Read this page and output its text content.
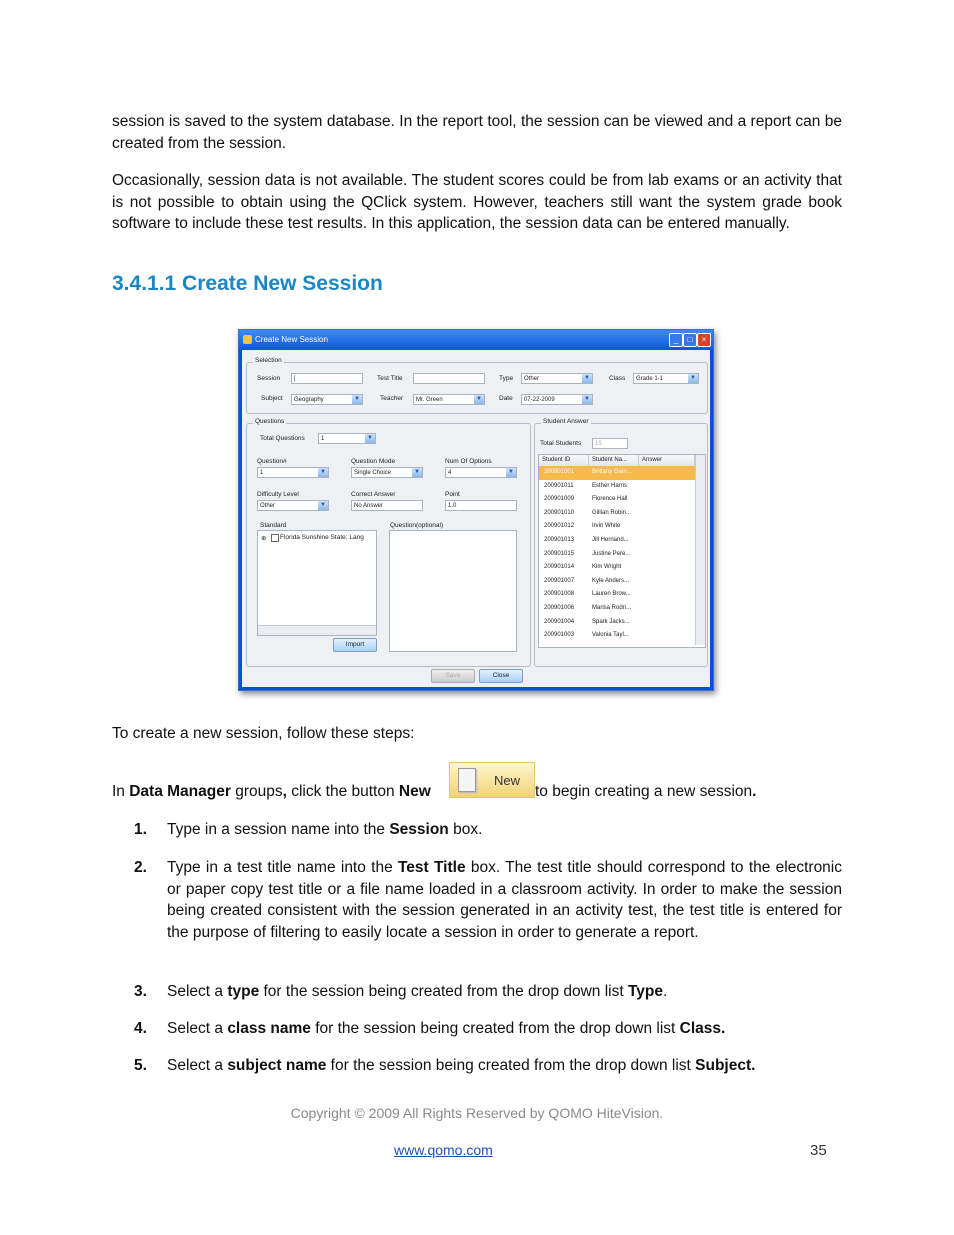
session is saved to the system database. In the report tool, the session can be viewed and a report can be created from the session.
Occasionally, session data is not available. The student scores could be from lab exams or an activity that is not possible to obtain using the QClick system. However, teachers still want the system grade book software to include these test results. In this application, the session data can be entered manually.
3.4.1.1 Create New Session
Create New Session	_	□	×
Selection
Session	|	Test Title	Type	Other	▼	Class	Grade 1-1	▼
Subject	Geography	▼	Teacher	Mr. Green	▼	Date	07-22-2009	▼
Questions
Total Questions	1	▼
Question#
1	▼
Question Mode
Single Choice	▼
Num Of Options
4	▼
Difficulty Level
Other	▼
Correct Answer
No Answer
Point
1.0
Standard
⊕ Florida Sunshine State: Lang
Question(optional)
Import
Student Answer
Total Students	15
Student ID	Student Na...	Answer
200901001	Brittany Gain...
200901011	Esther Harris
200901009	Florence Hall
200901010	Gillian Robin...
200901012	Irvin White
200901013	Jill Hernand...
200901015	Justine Pere...
200901014	Kim Wright
200901007	Kyle Anders...
200901008	Lauren Brow...
200901006	Marisa Rodri...
200901004	Spark Jacks...
200901003	Valonia Tayl...
Save	Close
To create a new session, follow these steps:
In Data Manager groups, click the button New
New
to begin creating a new session.
1. Type in a session name into the Session box.
2. Type in a test title name into the Test Title box. The test title should correspond to the electronic or paper copy test title or a file name loaded in a classroom activity. In order to make the session being created consistent with the session generated in an activity test, the test title is entered for the purpose of filtering to easily locate a session in order to generate a report.
3. Select a type for the session being created from the drop down list Type.
4. Select a class name for the session being created from the drop down list Class.
5. Select a subject name for the session being created from the drop down list Subject.
Copyright © 2009 All Rights Reserved by QOMO HiteVision.
www.qomo.com	35
